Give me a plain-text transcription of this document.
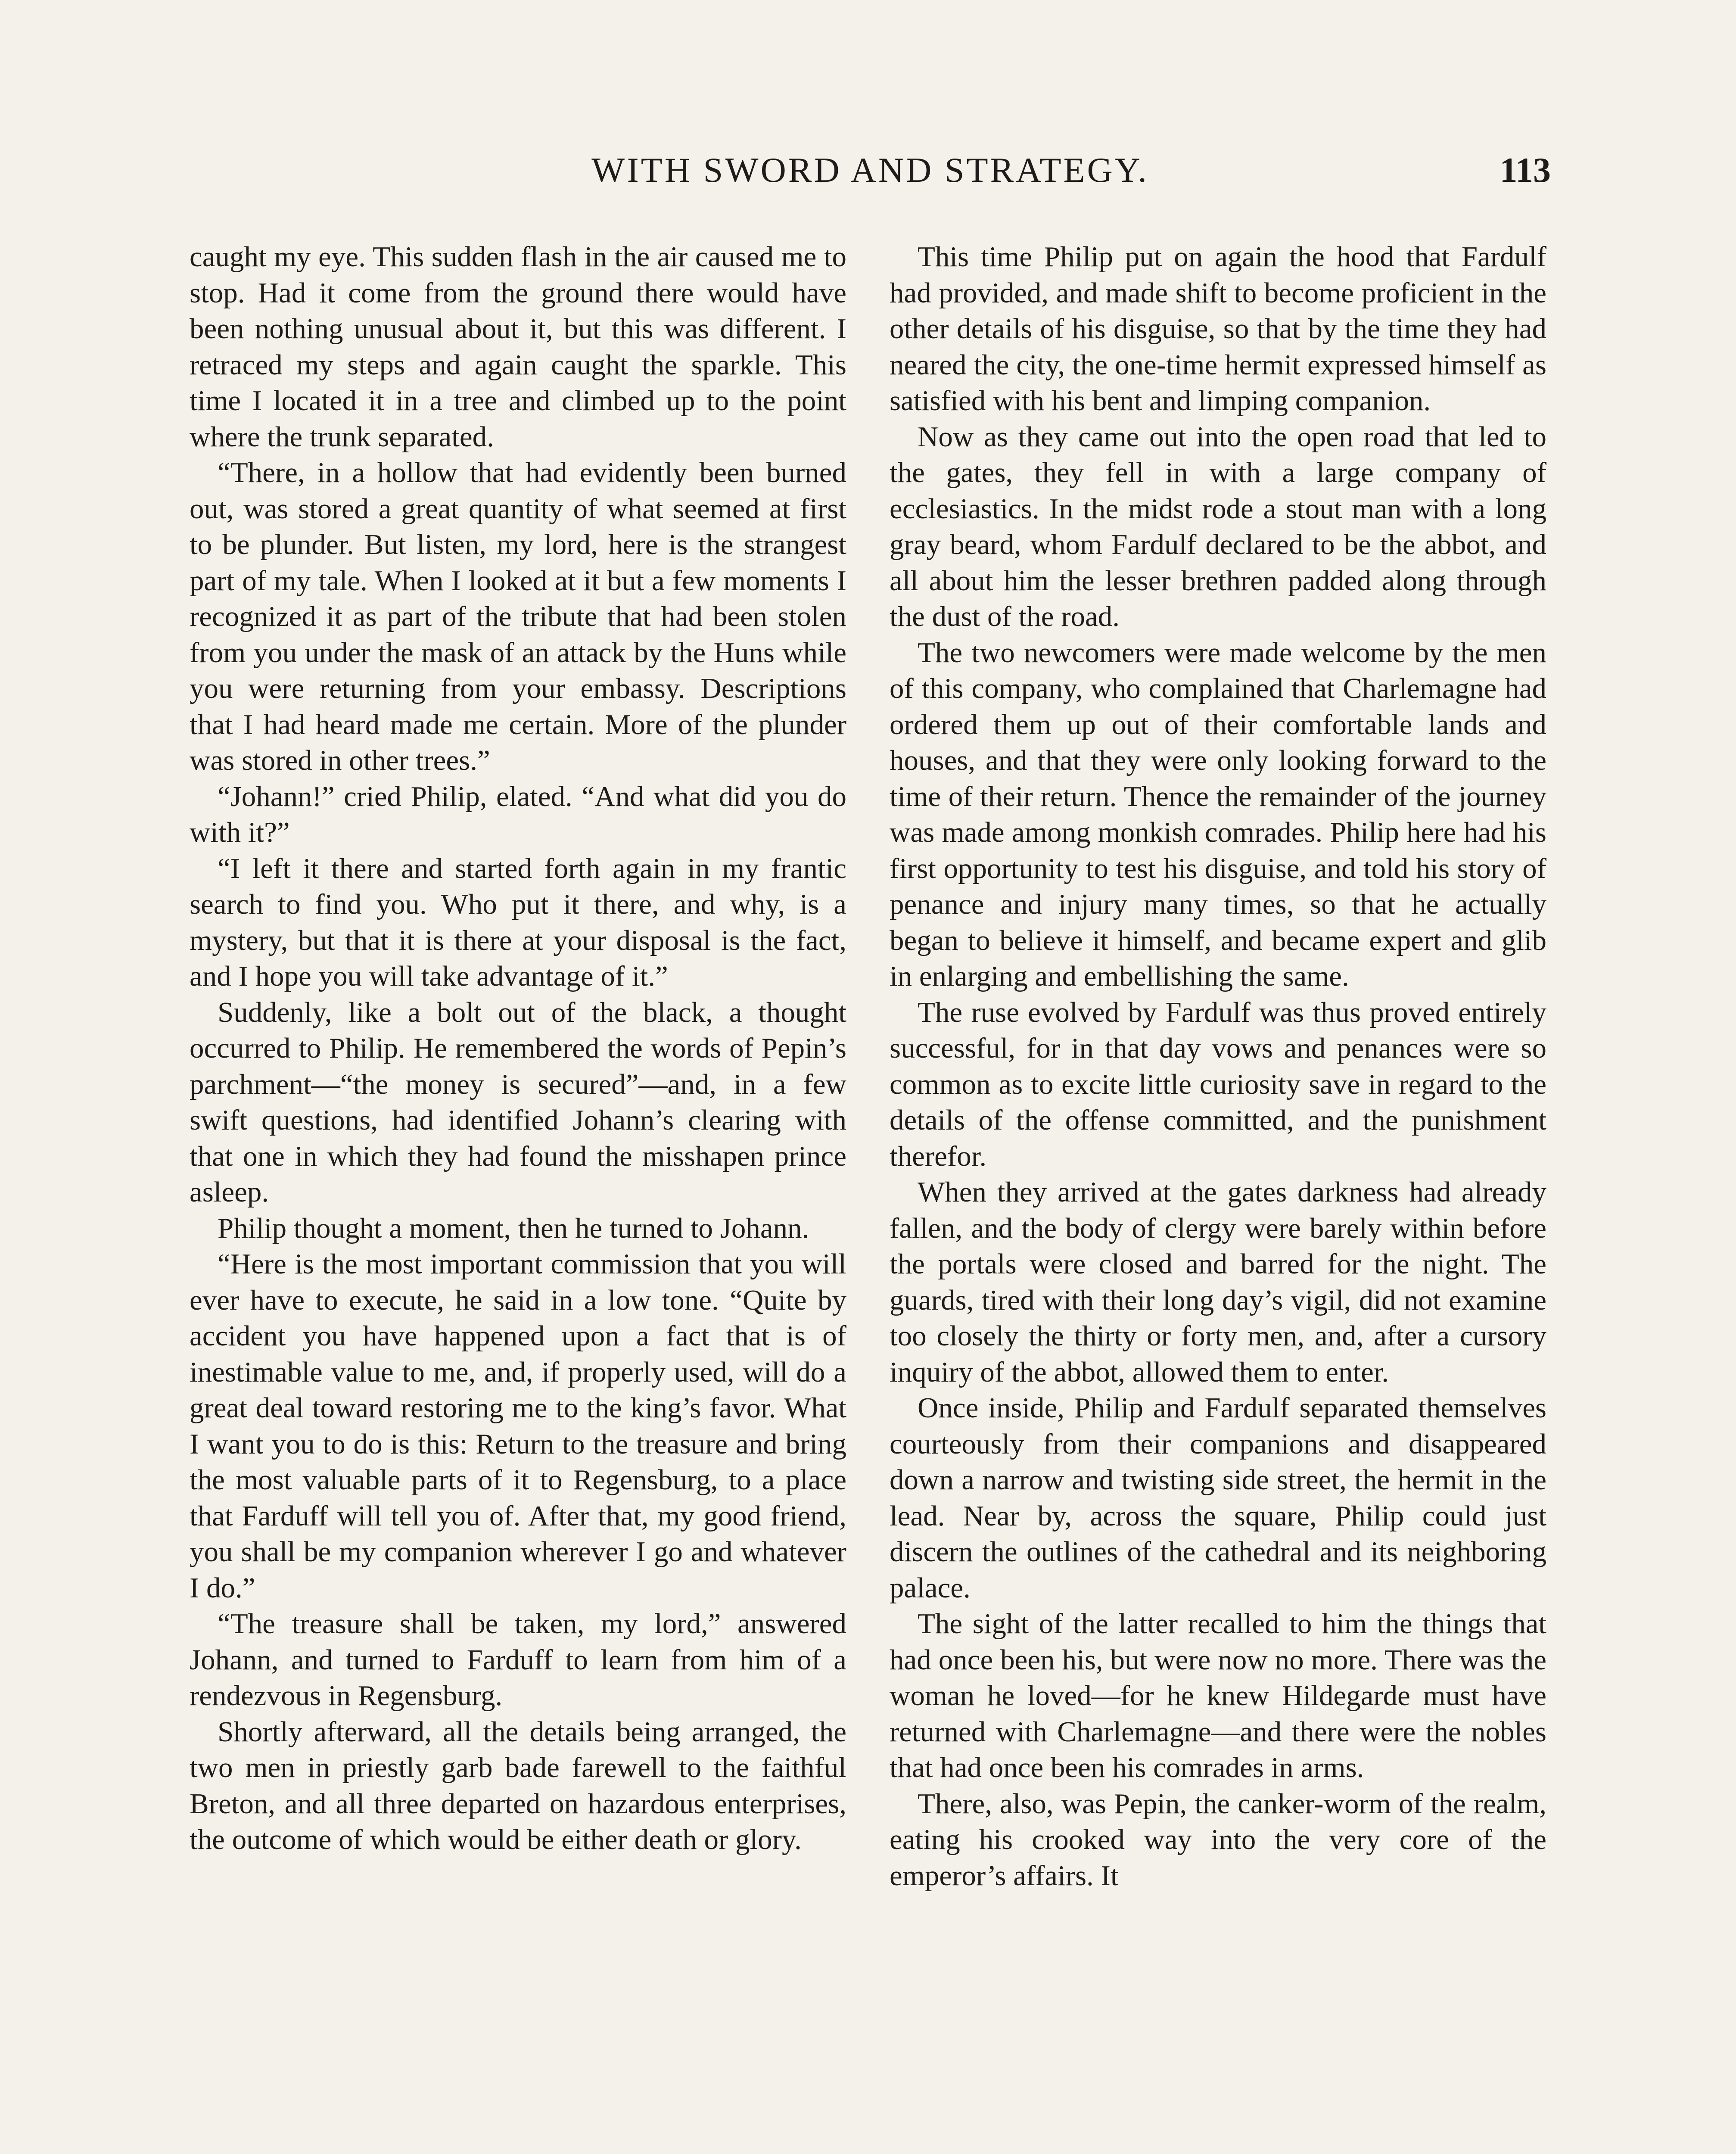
WITH SWORD AND STRATEGY.	113

caught my eye. This sudden flash in the air caused me to stop. Had it come from the ground there would have been nothing unusual about it, but this was different. I retraced my steps and again caught the sparkle. This time I located it in a tree and climbed up to the point where the trunk separated.

“There, in a hollow that had evidently been burned out, was stored a great quantity of what seemed at first to be plunder. But listen, my lord, here is the strangest part of my tale. When I looked at it but a few moments I recognized it as part of the tribute that had been stolen from you under the mask of an attack by the Huns while you were returning from your embassy. Descriptions that I had heard made me certain. More of the plunder was stored in other trees.”

“Johann!” cried Philip, elated. “And what did you do with it?”

“I left it there and started forth again in my frantic search to find you. Who put it there, and why, is a mystery, but that it is there at your disposal is the fact, and I hope you will take advantage of it.”

Suddenly, like a bolt out of the black, a thought occurred to Philip. He remembered the words of Pepin’s parchment—“the money is secured”—and, in a few swift questions, had identified Johann’s clearing with that one in which they had found the misshapen prince asleep.

Philip thought a moment, then he turned to Johann.

“Here is the most important commission that you will ever have to execute, he said in a low tone. “Quite by accident you have happened upon a fact that is of inestimable value to me, and, if properly used, will do a great deal toward restoring me to the king’s favor. What I want you to do is this: Return to the treasure and bring the most valuable parts of it to Regensburg, to a place that Farduff will tell you of. After that, my good friend, you shall be my companion wherever I go and whatever I do.”

“The treasure shall be taken, my lord,” answered Johann, and turned to Farduff to learn from him of a rendezvous in Regensburg.

Shortly afterward, all the details being arranged, the two men in priestly garb bade farewell to the faithful Breton, and all three departed on hazardous enterprises, the outcome of which would be either death or glory.

This time Philip put on again the hood that Fardulf had provided, and made shift to become proficient in the other details of his disguise, so that by the time they had neared the city, the one-time hermit expressed himself as satisfied with his bent and limping companion.

Now as they came out into the open road that led to the gates, they fell in with a large company of ecclesiastics. In the midst rode a stout man with a long gray beard, whom Fardulf declared to be the abbot, and all about him the lesser brethren padded along through the dust of the road.

The two newcomers were made welcome by the men of this company, who complained that Charlemagne had ordered them up out of their comfortable lands and houses, and that they were only looking forward to the time of their return. Thence the remainder of the journey was made among monkish comrades. Philip here had his first opportunity to test his disguise, and told his story of penance and injury many times, so that he actually began to believe it himself, and became expert and glib in enlarging and embellishing the same.

The ruse evolved by Fardulf was thus proved entirely successful, for in that day vows and penances were so common as to excite little curiosity save in regard to the details of the offense committed, and the punishment therefor.

When they arrived at the gates darkness had already fallen, and the body of clergy were barely within before the portals were closed and barred for the night. The guards, tired with their long day’s vigil, did not examine too closely the thirty or forty men, and, after a cursory inquiry of the abbot, allowed them to enter.

Once inside, Philip and Fardulf separated themselves courteously from their companions and disappeared down a narrow and twisting side street, the hermit in the lead. Near by, across the square, Philip could just discern the outlines of the cathedral and its neighboring palace.

The sight of the latter recalled to him the things that had once been his, but were now no more. There was the woman he loved—for he knew Hildegarde must have returned with Charlemagne—and there were the nobles that had once been his comrades in arms.

There, also, was Pepin, the canker-worm of the realm, eating his crooked way into the very core of the emperor’s affairs. It
